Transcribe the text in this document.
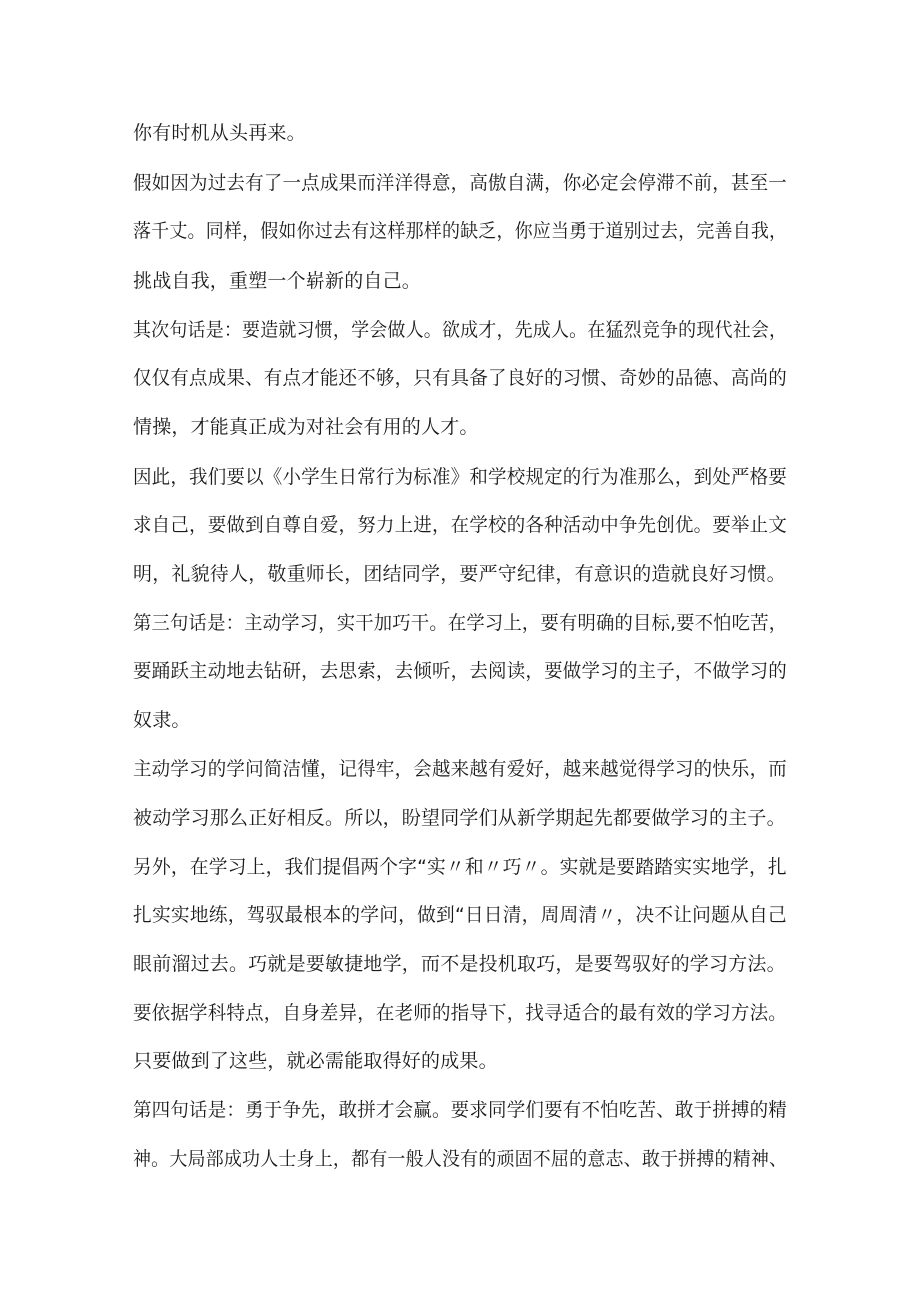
你有时机从头再来。
假如因为过去有了一点成果而洋洋得意，高傲自满，你必定会停滞不前，甚至一
落千丈。同样，假如你过去有这样那样的缺乏，你应当勇于道别过去，完善自我，
挑战自我，重塑一个崭新的自己。
其次句话是：要造就习惯，学会做人。欲成才，先成人。在猛烈竞争的现代社会，
仅仅有点成果、有点才能还不够，只有具备了良好的习惯、奇妙的品德、高尚的
情操，才能真正成为对社会有用的人才。
因此，我们要以《小学生日常行为标准》和学校规定的行为准那么，到处严格要
求自己，要做到自尊自爱，努力上进，在学校的各种活动中争先创优。要举止文
明，礼貌待人，敬重师长，团结同学，要严守纪律，有意识的造就良好习惯。
第三句话是：主动学习，实干加巧干。在学习上，要有明确的目标,要不怕吃苦，
要踊跃主动地去钻研，去思索，去倾听，去阅读，要做学习的主子，不做学习的
奴隶。
主动学习的学问简洁懂，记得牢，会越来越有爱好，越来越觉得学习的快乐，而
被动学习那么正好相反。所以，盼望同学们从新学期起先都要做学习的主子。
另外，在学习上，我们提倡两个字“实〃和〃巧〃。实就是要踏踏实实地学，扎
扎实实地练，驾驭最根本的学问，做到“日日清，周周清〃，决不让问题从自己
眼前溜过去。巧就是要敏捷地学，而不是投机取巧，是要驾驭好的学习方法。
要依据学科特点，自身差异，在老师的指导下，找寻适合的最有效的学习方法。
只要做到了这些，就必需能取得好的成果。
第四句话是：勇于争先，敢拼才会赢。要求同学们要有不怕吃苦、敢于拼搏的精
神。大局部成功人士身上，都有一般人没有的顽固不屈的意志、敢于拼搏的精神、
